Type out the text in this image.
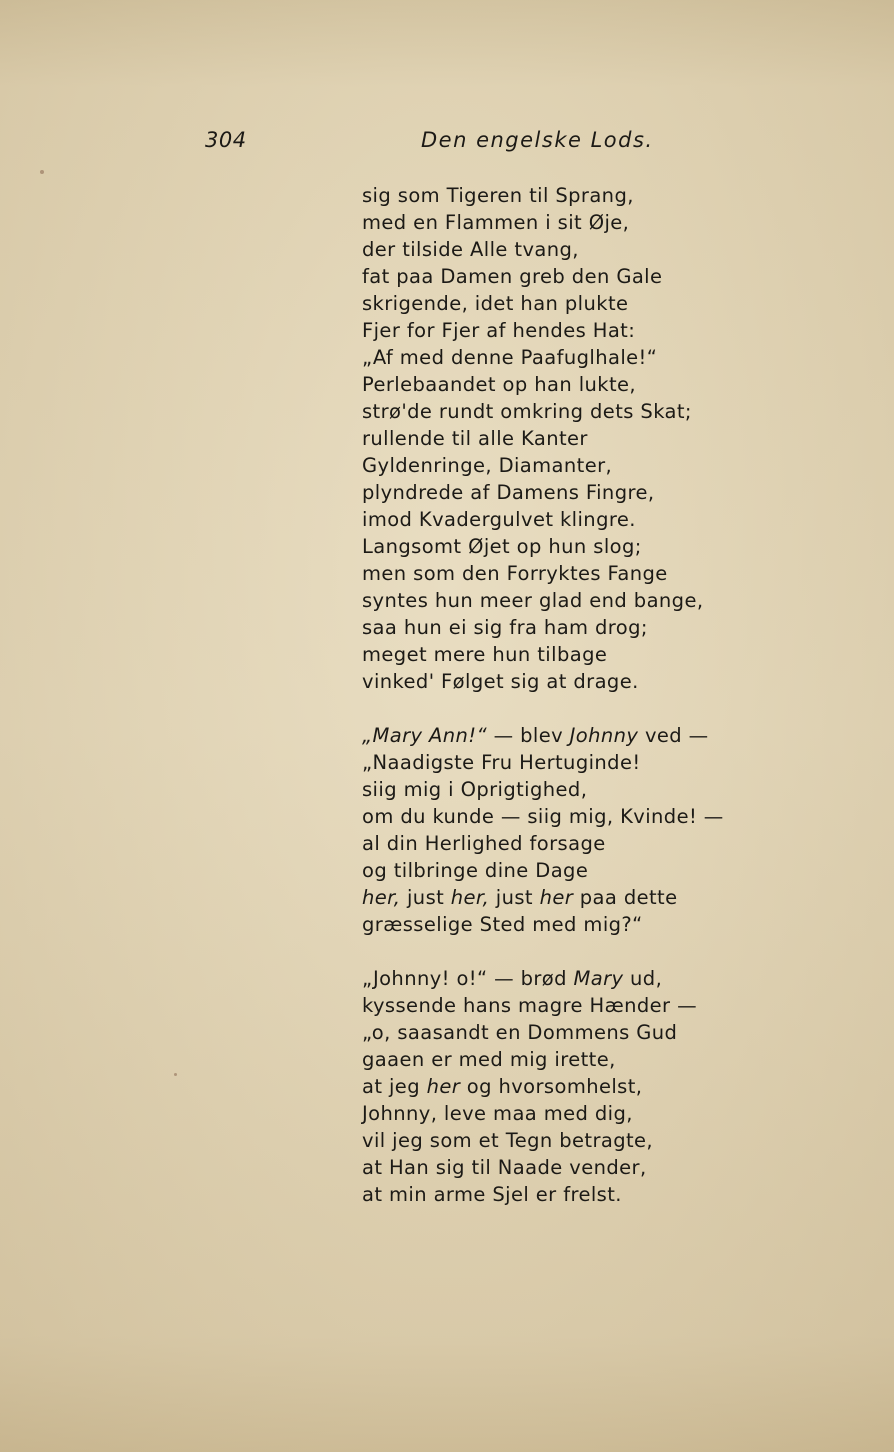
304	Den engelske Lods.
sig som Tigeren til Sprang,
med en Flammen i sit Øje,
der tilside Alle tvang,
fat paa Damen greb den Gale
skrigende, idet han plukte
Fjer for Fjer af hendes Hat:
„Af med denne Paafuglhale!“
Perlebaandet op han lukte,
strø'de rundt omkring dets Skat;
rullende til alle Kanter
Gyldenringe, Diamanter,
plyndrede af Damens Fingre,
imod Kvadergulvet klingre.
Langsomt Øjet op hun slog;
men som den Forryktes Fange
syntes hun meer glad end bange,
saa hun ei sig fra ham drog;
meget mere hun tilbage
vinked' Følget sig at drage.
„Mary Ann!“ — blev Johnny ved —
„Naadigste Fru Hertuginde!
siig mig i Oprigtighed,
om du kunde — siig mig, Kvinde! —
al din Herlighed forsage
og tilbringe dine Dage
her, just her, just her paa dette
græsselige Sted med mig?“
„Johnny! o!“ — brød Mary ud,
kyssende hans magre Hænder —
„o, saasandt en Dommens Gud
gaaen er med mig irette,
at jeg her og hvorsomhelst,
Johnny, leve maa med dig,
vil jeg som et Tegn betragte,
at Han sig til Naade vender,
at min arme Sjel er frelst.
